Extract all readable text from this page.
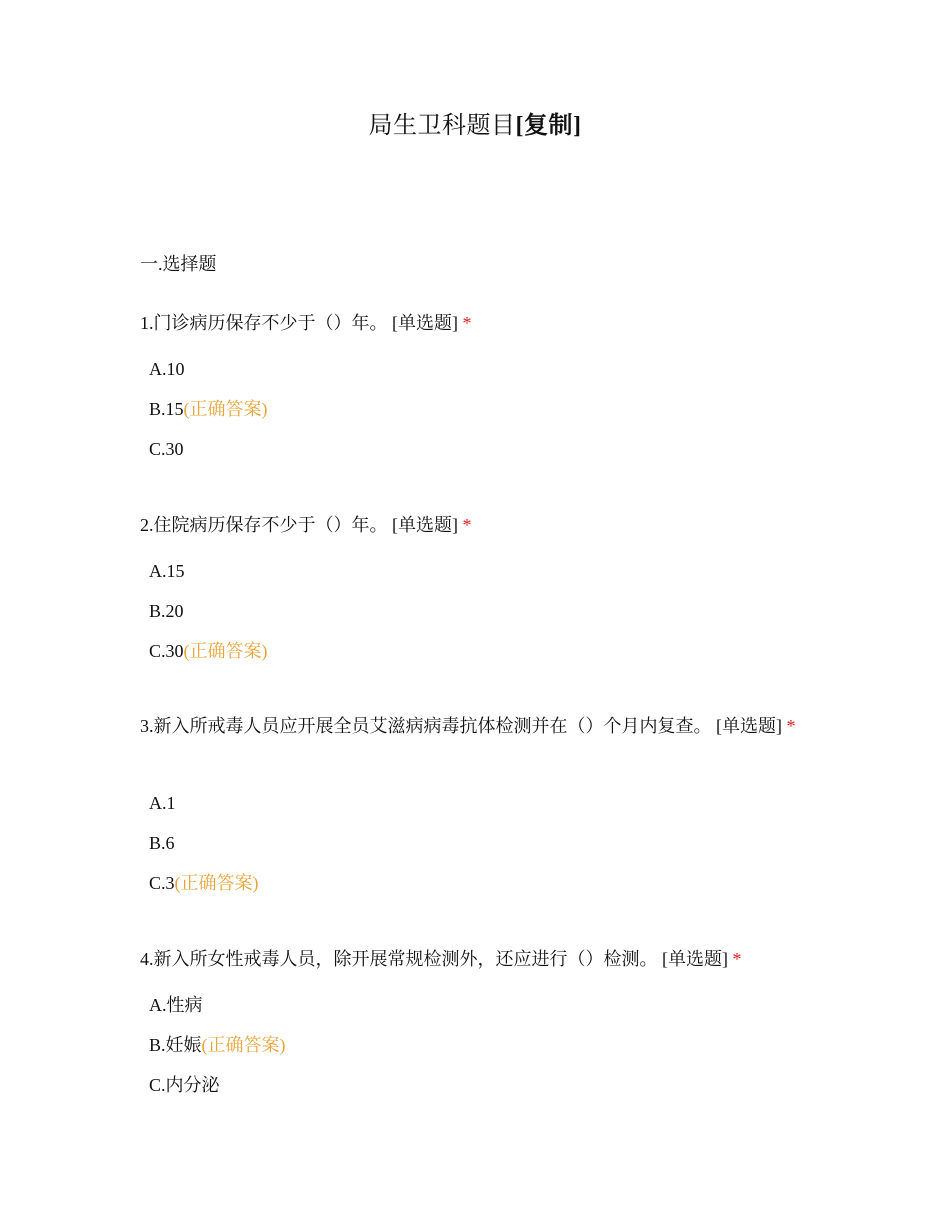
局生卫科题目[复制]
一.选择题
1.门诊病历保存不少于（）年。 [单选题] *
A.10
B.15(正确答案)
C.30
2.住院病历保存不少于（）年。 [单选题] *
A.15
B.20
C.30(正确答案)
3.新入所戒毒人员应开展全员艾滋病病毒抗体检测并在（）个月内复查。 [单选题] *
A.1
B.6
C.3(正确答案)
4.新入所女性戒毒人员，除开展常规检测外，还应进行（）检测。 [单选题] *
A.性病
B.妊娠(正确答案)
C.内分泌
